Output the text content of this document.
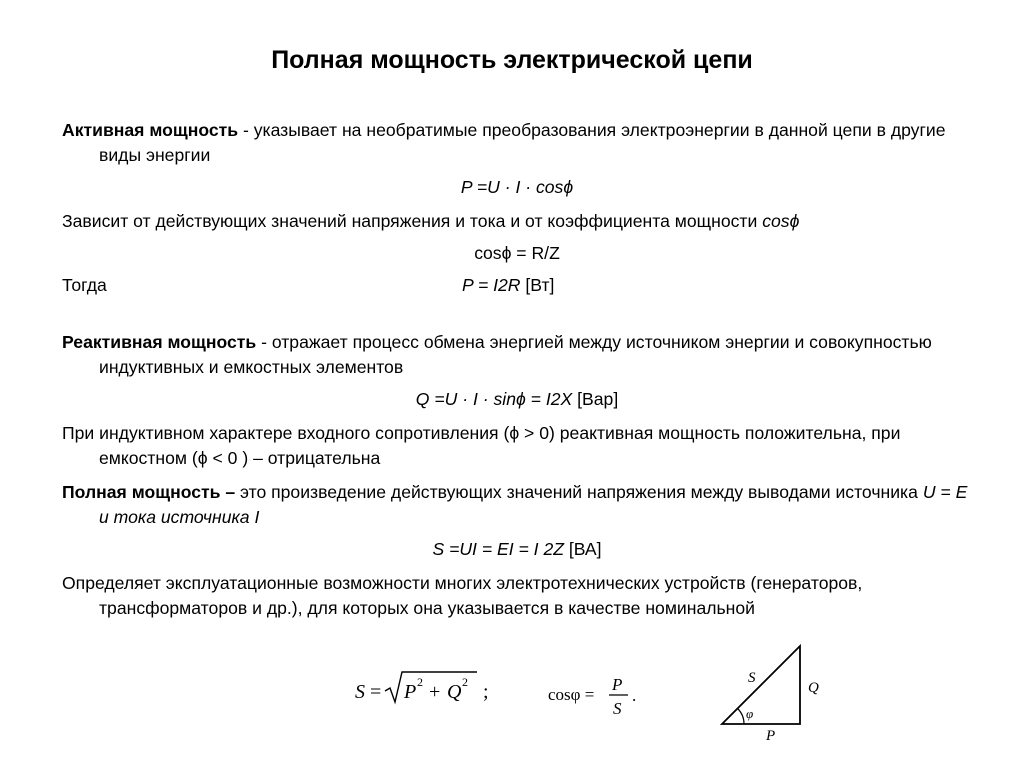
Полная мощность электрической цепи

Активная мощность - указывает на необратимые преобразования электроэнергии в данной цепи в другие виды энергии

P =U · I · cosϕ

Зависит от действующих значений напряжения и тока и от коэффициента мощности cosϕ

cosϕ = R/Z
Тогда	P = I2R [Вт]

Реактивная мощность - отражает процесс обмена энергией между источником энергии и совокупностью индуктивных и емкостных элементов

Q =U · I · sinϕ = I2X [Вар]

При индуктивном характере входного сопротивления (ϕ > 0) реактивная мощность положительна, при емкостном (ϕ < 0 ) – отрицательна

Полная мощность – это произведение действующих значений напряжения между выводами источника U = E и тока источника I

S =UI = EI = I 2Z [ВА]

Определяет эксплуатационные возможности многих электротехнических устройств (генераторов, трансформаторов и др.), для которых она указывается в качестве номинальной

S = P 2 + Q 2 ;	cosφ =
P
S
.
S
Q
P
φ
